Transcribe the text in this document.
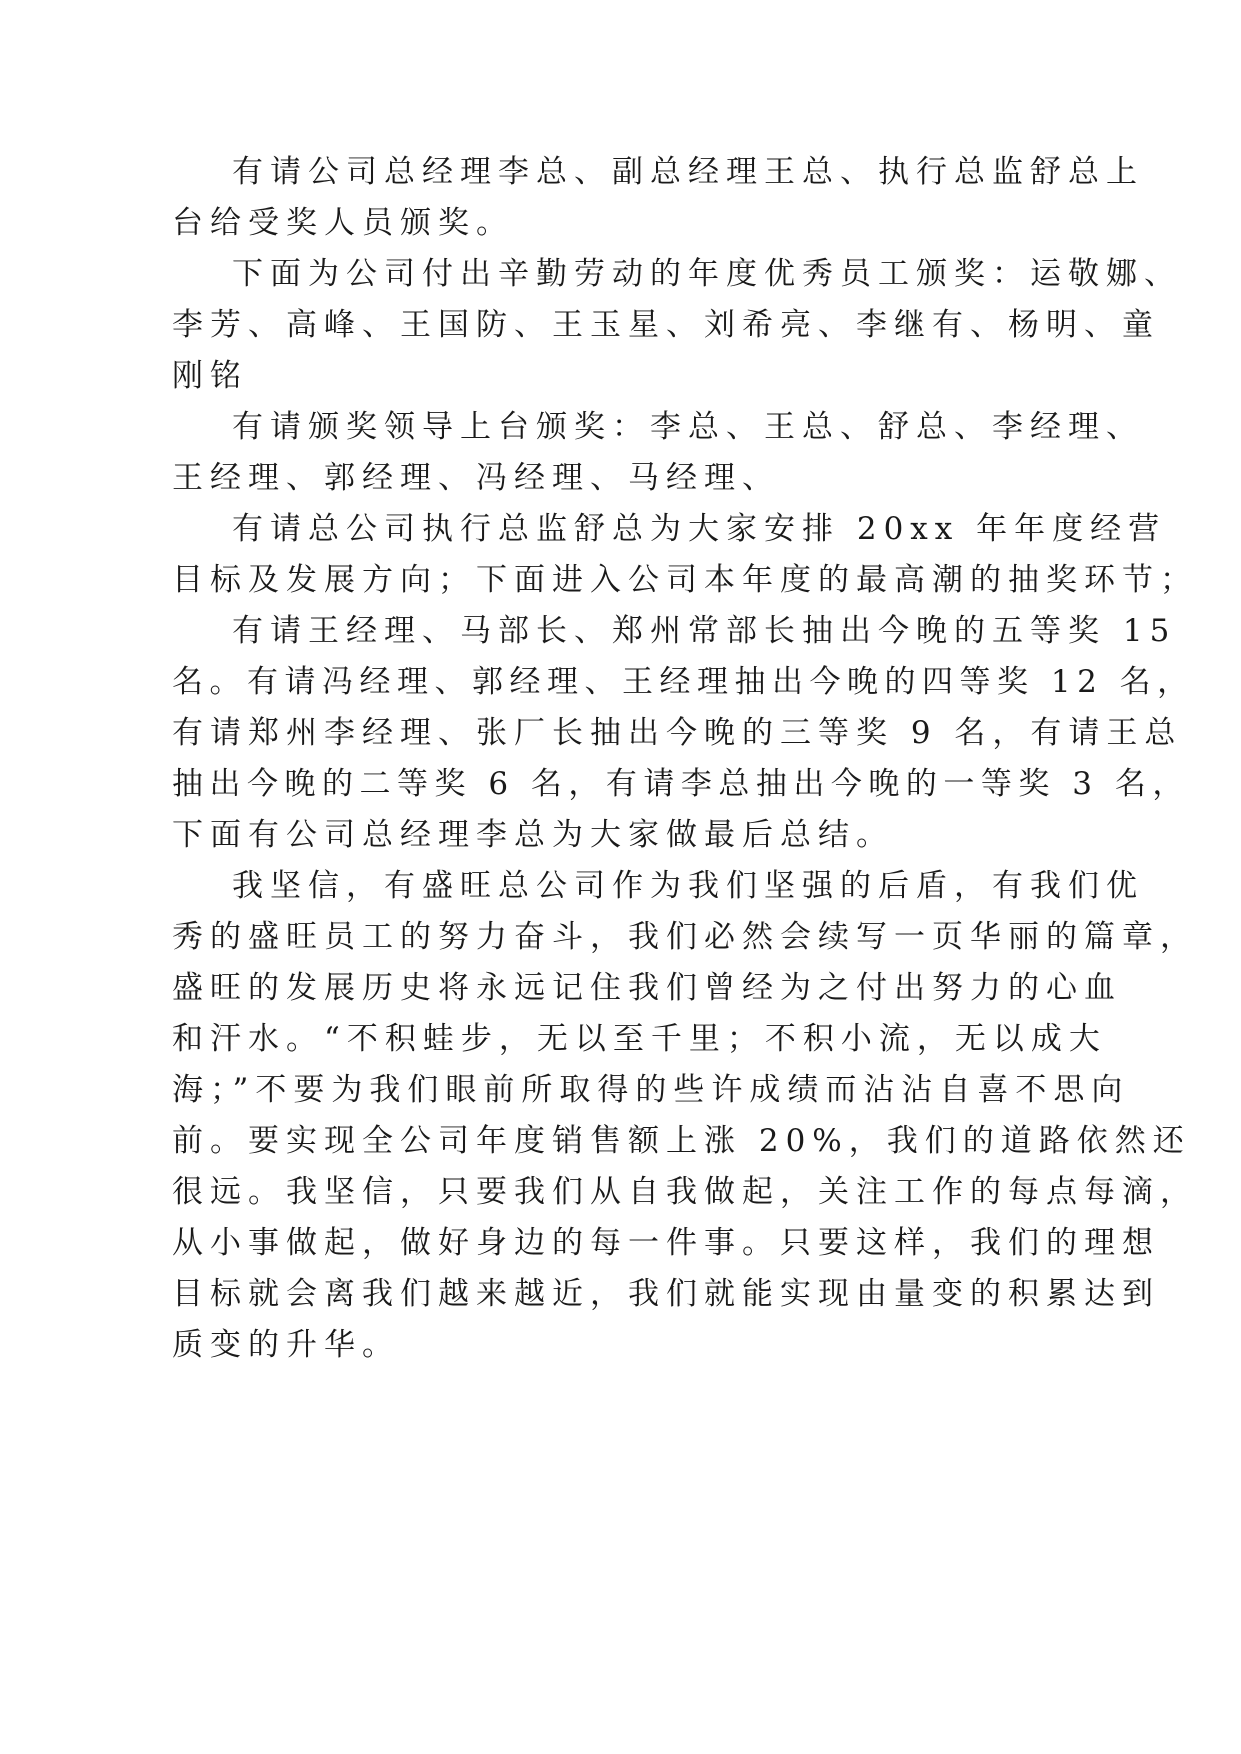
有请公司总经理李总、副总经理王总、执行总监舒总上

台给受奖人员颁奖。

下面为公司付出辛勤劳动的年度优秀员工颁奖：运敬娜、

李芳、高峰、王国防、王玉星、刘希亮、李继有、杨明、童

刚铭

有请颁奖领导上台颁奖：李总、王总、舒总、李经理、

王经理、郭经理、冯经理、马经理、

有请总公司执行总监舒总为大家安排 20xx 年年度经营

目标及发展方向；下面进入公司本年度的最高潮的抽奖环节；

有请王经理、马部长、郑州常部长抽出今晚的五等奖 15

名。有请冯经理、郭经理、王经理抽出今晚的四等奖 12 名，

有请郑州李经理、张厂长抽出今晚的三等奖 9 名，有请王总

抽出今晚的二等奖 6 名，有请李总抽出今晚的一等奖 3 名，

下面有公司总经理李总为大家做最后总结。

我坚信，有盛旺总公司作为我们坚强的后盾，有我们优

秀的盛旺员工的努力奋斗，我们必然会续写一页华丽的篇章，

盛旺的发展历史将永远记住我们曾经为之付出努力的心血

和汗水。“不积蛙步，无以至千里；不积小流，无以成大

海；”不要为我们眼前所取得的些许成绩而沾沾自喜不思向

前。要实现全公司年度销售额上涨 20%，我们的道路依然还

很远。我坚信，只要我们从自我做起，关注工作的每点每滴，

从小事做起，做好身边的每一件事。只要这样，我们的理想

目标就会离我们越来越近，我们就能实现由量变的积累达到

质变的升华。
